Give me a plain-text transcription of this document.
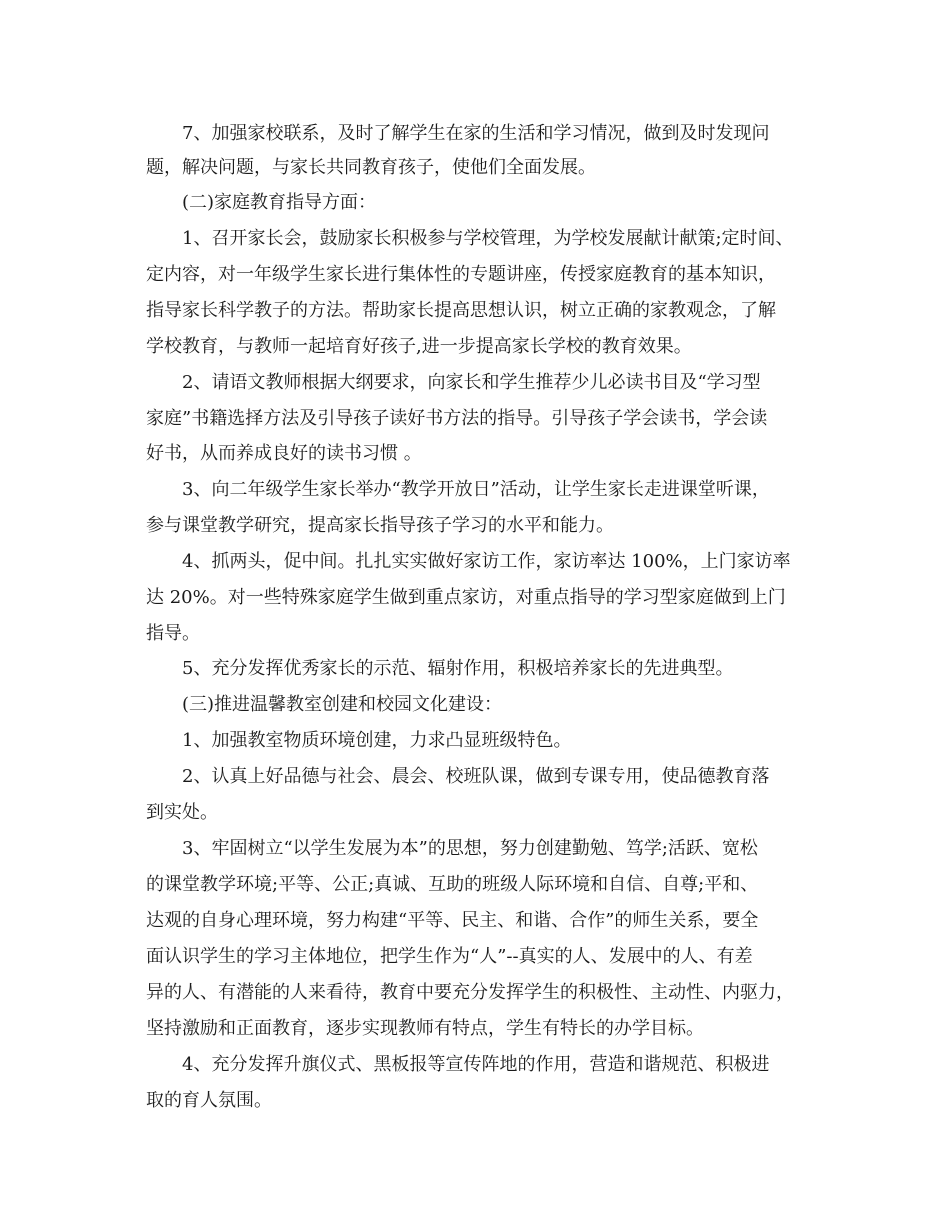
7、加强家校联系，及时了解学生在家的生活和学习情况，做到及时发现问
题，解决问题，与家长共同教育孩子，使他们全面发展。
(二)家庭教育指导方面：
1、召开家长会，鼓励家长积极参与学校管理，为学校发展献计献策;定时间、
定内容，对一年级学生家长进行集体性的专题讲座，传授家庭教育的基本知识，
指导家长科学教子的方法。帮助家长提高思想认识，树立正确的家教观念，了解
学校教育，与教师一起培育好孩子,进一步提高家长学校的教育效果。
2、请语文教师根据大纲要求，向家长和学生推荐少儿必读书目及“学习型
家庭”书籍选择方法及引导孩子读好书方法的指导。引导孩子学会读书，学会读
好书，从而养成良好的读书习惯 。
3、向二年级学生家长举办“教学开放日”活动，让学生家长走进课堂听课，
参与课堂教学研究，提高家长指导孩子学习的水平和能力。
4、抓两头，促中间。扎扎实实做好家访工作，家访率达 100%，上门家访率
达 20%。对一些特殊家庭学生做到重点家访，对重点指导的学习型家庭做到上门
指导。
5、充分发挥优秀家长的示范、辐射作用，积极培养家长的先进典型。
(三)推进温馨教室创建和校园文化建设：
1、加强教室物质环境创建，力求凸显班级特色。
2、认真上好品德与社会、晨会、校班队课，做到专课专用，使品德教育落
到实处。
3、牢固树立“以学生发展为本”的思想，努力创建勤勉、笃学;活跃、宽松
的课堂教学环境;平等、公正;真诚、互助的班级人际环境和自信、自尊;平和、
达观的自身心理环境，努力构建“平等、民主、和谐、合作”的师生关系，要全
面认识学生的学习主体地位，把学生作为“人”--真实的人、发展中的人、有差
异的人、有潜能的人来看待，教育中要充分发挥学生的积极性、主动性、内驱力，
坚持激励和正面教育，逐步实现教师有特点，学生有特长的办学目标。
4、充分发挥升旗仪式、黑板报等宣传阵地的作用，营造和谐规范、积极进
取的育人氛围。
